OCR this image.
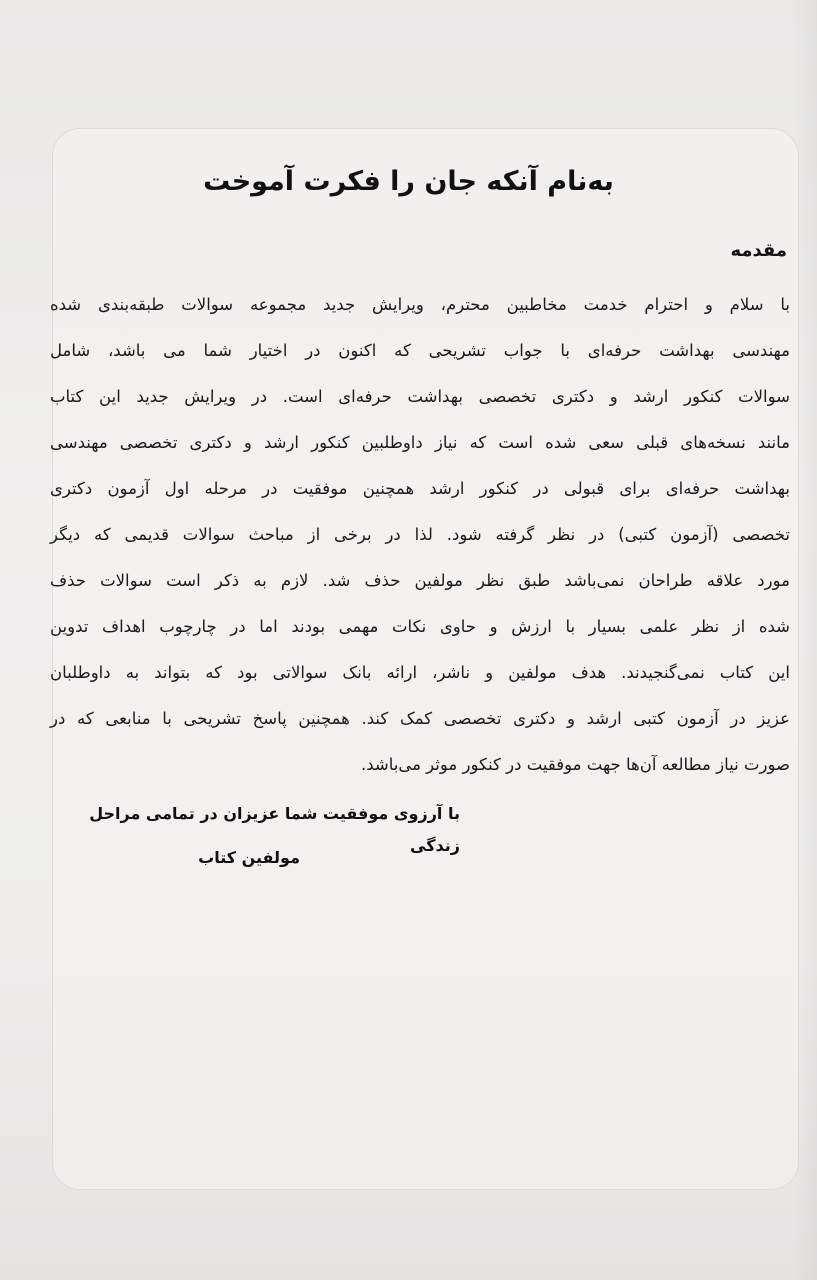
به‌نام آنکه جان را فکرت آموخت
مقدمه
با سلام و احترام خدمت مخاطبین محترم، ویرایش جدید مجموعه سوالات طبقه‌بندی شده
مهندسی بهداشت حرفه‌ای با جواب تشریحی که اکنون در اختیار شما می باشد، شامل
سوالات کنکور ارشد و دکتری تخصصی بهداشت حرفه‌ای است. در ویرایش جدید این کتاب
مانند نسخه‌های قبلی سعی شده است که نیاز داوطلبین کنکور ارشد و دکتری تخصصی مهندسی
بهداشت حرفه‌ای برای قبولی در کنکور ارشد همچنین موفقیت در مرحله اول آزمون دکتری
تخصصی (آزمون کتبی) در نظر گرفته شود. لذا در برخی از مباحث سوالات قدیمی که دیگر
مورد علاقه طراحان نمی‌باشد طبق نظر مولفین حذف شد. لازم به ذکر است سوالات حذف
شده از نظر علمی بسیار با ارزش و حاوی نکات مهمی بودند اما در چارچوب اهداف تدوین
این کتاب نمی‌گنجیدند. هدف مولفین و ناشر، ارائه بانک سوالاتی بود که بتواند به داوطلبان
عزیز در آزمون کتبی ارشد و دکتری تخصصی کمک کند. همچنین پاسخ تشریحی با منابعی که در
صورت نیاز مطالعه آن‌ها جهت موفقیت در کنکور موثر می‌باشد.
با آرزوی موفقیت شما عزیزان در تمامی مراحل زندگی
مولفین کتاب
